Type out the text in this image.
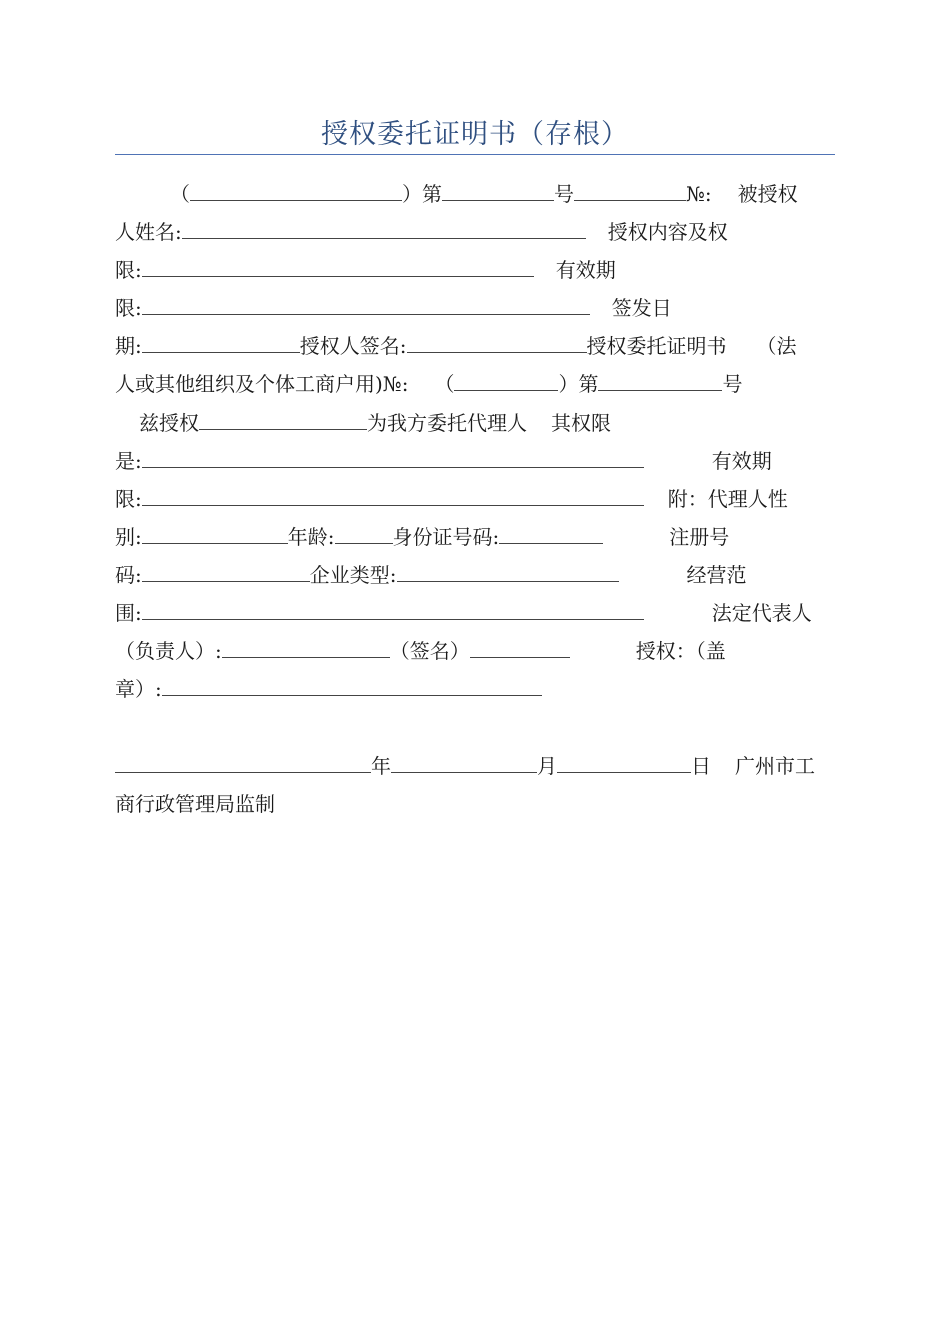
授权委托证明书（存根）
（	）第	号	№: 被授权
人姓名:	授权内容及权
限:	有效期
限:	签发日
期:	授权人签名:	授权委托证明书 （法
人或其他组织及个体工商户用)№: （	）第	号
兹授权	为我方委托代理人 其权限
是:	有效期
限:	附：代理人性
别:	年龄:	身份证号码:	注册号
码:	企业类型:	经营范
围:	法定代表人
（负责人）:	（签名）	授权：（盖
章）:
年	月	日 广州市工
商行政管理局监制
